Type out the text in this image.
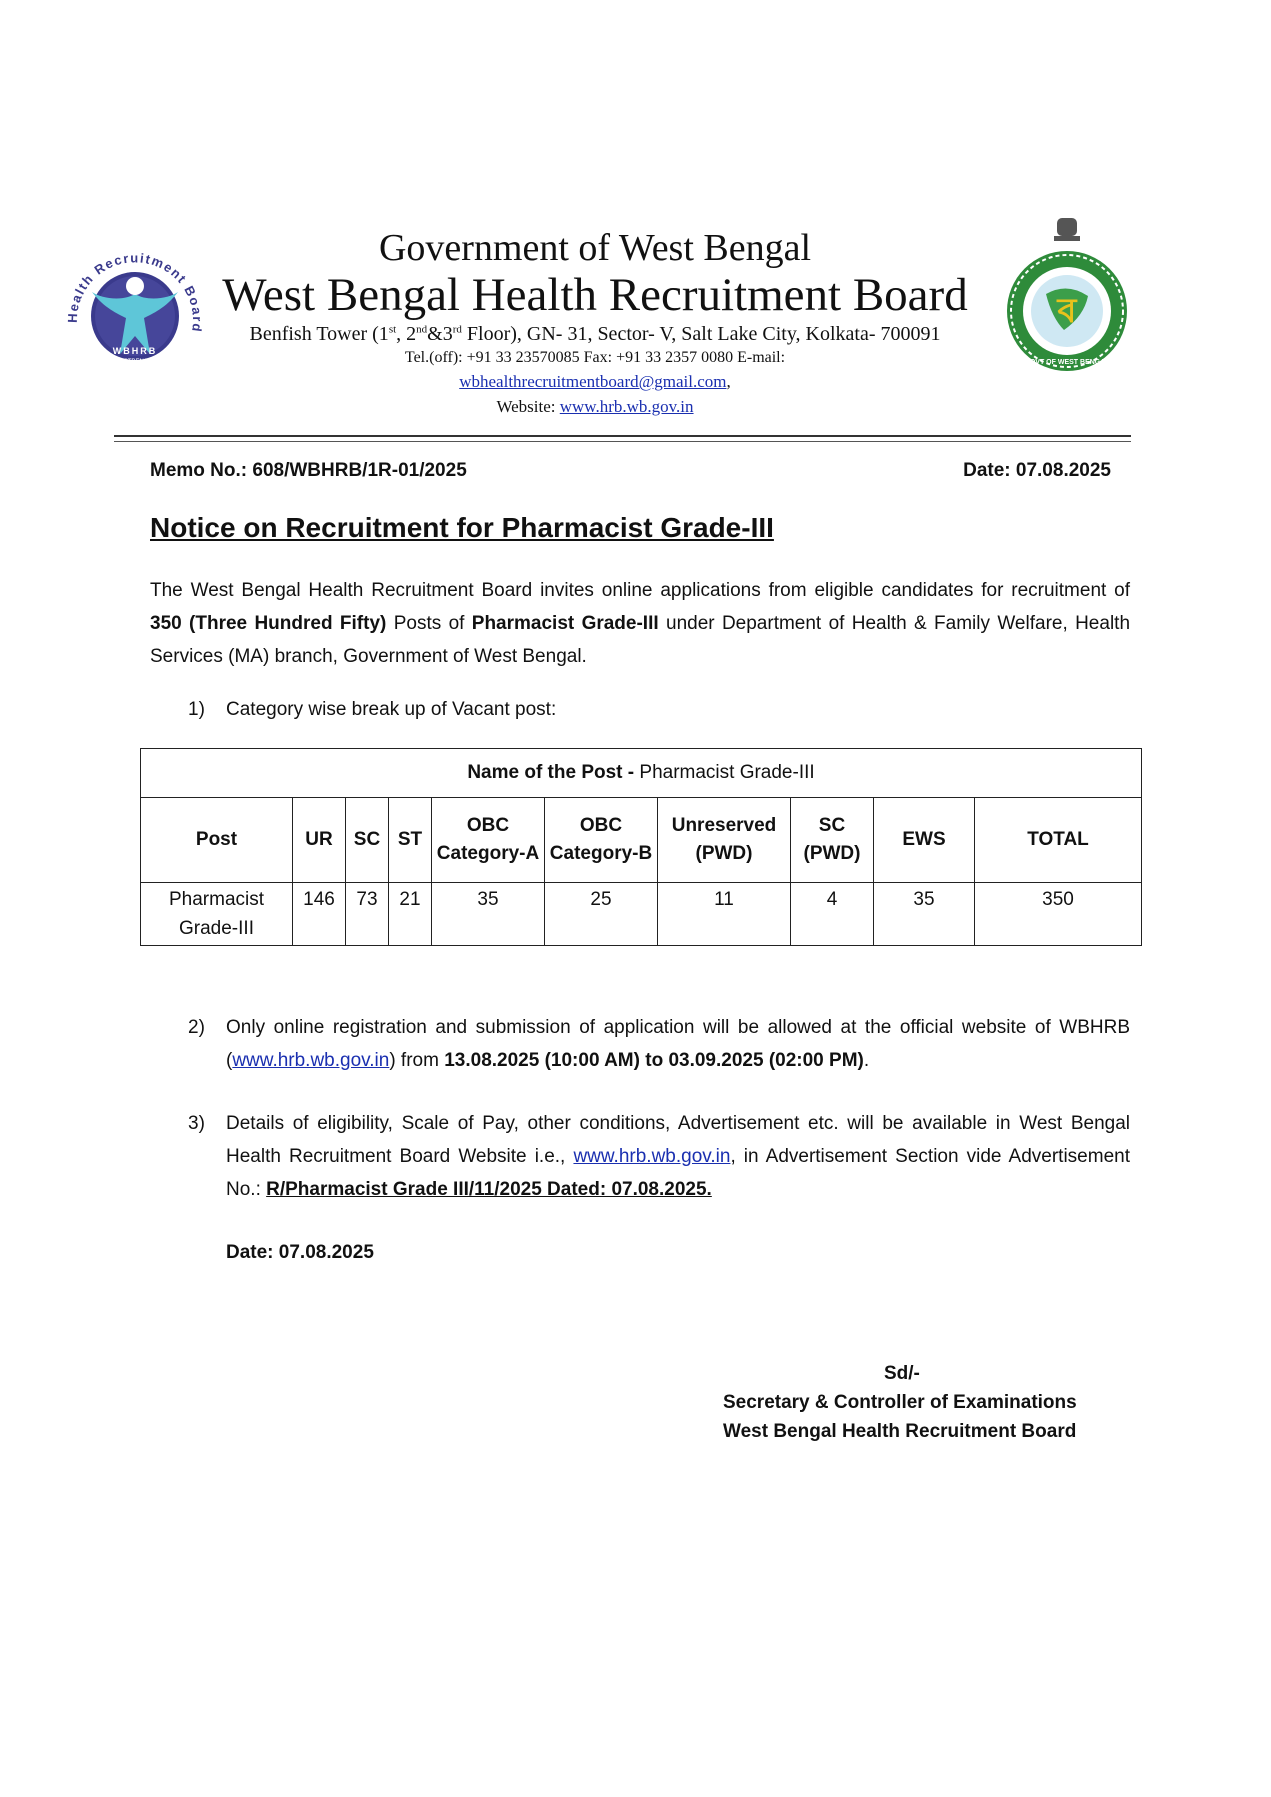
Health Recruitment Board
WBHRB
WESTBENGAL
ব
GOVT OF WEST BENGAL
Government of West Bengal
West Bengal Health Recruitment Board
Benfish Tower (1st, 2nd&3rd Floor), GN- 31, Sector- V, Salt Lake City, Kolkata- 700091
Tel.(off): +91 33 23570085 Fax: +91 33 2357 0080 E-mail:
wbhealthrecruitmentboard@gmail.com,
Website: www.hrb.wb.gov.in
Memo No.: 608/WBHRB/1R-01/2025	Date: 07.08.2025
Notice on Recruitment for Pharmacist Grade-III
The West Bengal Health Recruitment Board invites online applications from eligible candidates for recruitment of 350 (Three Hundred Fifty) Posts of Pharmacist Grade-III under Department of Health & Family Welfare, Health Services (MA) branch, Government of West Bengal.
1) Category wise break up of Vacant post:
Name of the Post - Pharmacist Grade-III									
Post	UR	SC	ST	OBC Category-A	OBC Category-B	Unreserved (PWD)	SC (PWD)	EWS	TOTAL
Pharmacist Grade-III	146	73	21	35	25	11	4	35	350
2) Only online registration and submission of application will be allowed at the official website of WBHRB (www.hrb.wb.gov.in) from 13.08.2025 (10:00 AM) to 03.09.2025 (02:00 PM).
3) Details of eligibility, Scale of Pay, other conditions, Advertisement etc. will be available in West Bengal Health Recruitment Board Website i.e., www.hrb.wb.gov.in, in Advertisement Section vide Advertisement No.: R/Pharmacist Grade III/11/2025 Dated: 07.08.2025.
Date: 07.08.2025
Sd/-
Secretary & Controller of Examinations
West Bengal Health Recruitment Board
